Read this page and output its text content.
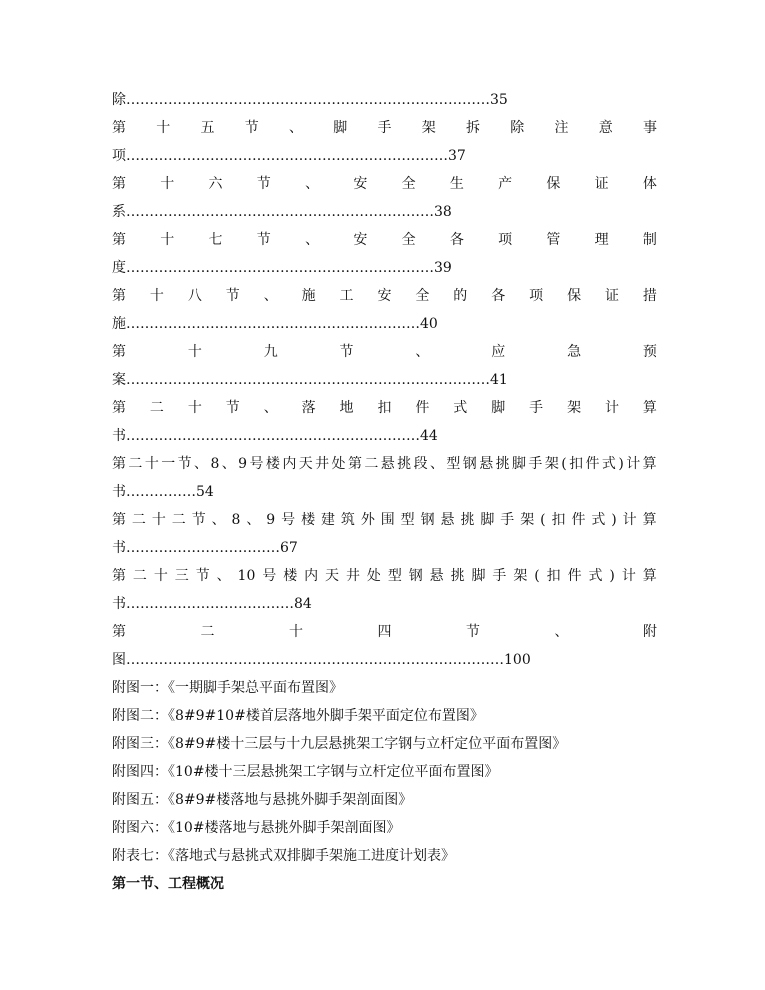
除……………………………………………………………………35
第 十 五 节 、 脚 手 架 拆 除 注 意 事
项……………………………………………………………37
第 十 六 节 、 安 全 生 产 保 证 体
系…………………………………………………………38
第 十 七 节 、 安 全 各 项 管 理 制
度…………………………………………………………39
第 十 八 节 、 施 工 安 全 的 各 项 保 证 措
施………………………………………………………40
第	十	九	节	、	应	急	预
案……………………………………………………………………41
第 二 十 节 、 落 地 扣 件 式 脚 手 架 计 算
书………………………………………………………44
第 二 十 一 节 、 8 、 9 号 楼 内 天 井 处 第 二 悬 挑 段 、 型 钢 悬 挑 脚 手 架 ( 扣 件 式 ) 计 算
书……………54
第 二 十 二 节 、 8 、 9 号 楼 建 筑 外 围 型 钢 悬 挑 脚 手 架 ( 扣 件 式 ) 计 算
书……………………………67
第 二 十 三 节 、 10 号 楼 内 天 井 处 型 钢 悬 挑 脚 手 架 ( 扣 件 式 ) 计 算
书………………………………84
第	二	十	四	节	、	附
图………………………………………………………………………100
附图一：《一期脚手架总平面布置图》
附图二：《8#9#10#楼首层落地外脚手架平面定位布置图》
附图三：《8#9#楼十三层与十九层悬挑架工字钢与立杆定位平面布置图》
附图四：《10#楼十三层悬挑架工字钢与立杆定位平面布置图》
附图五：《8#9#楼落地与悬挑外脚手架剖面图》
附图六：《10#楼落地与悬挑外脚手架剖面图》
附表七：《落地式与悬挑式双排脚手架施工进度计划表》
第一节、工程概况
